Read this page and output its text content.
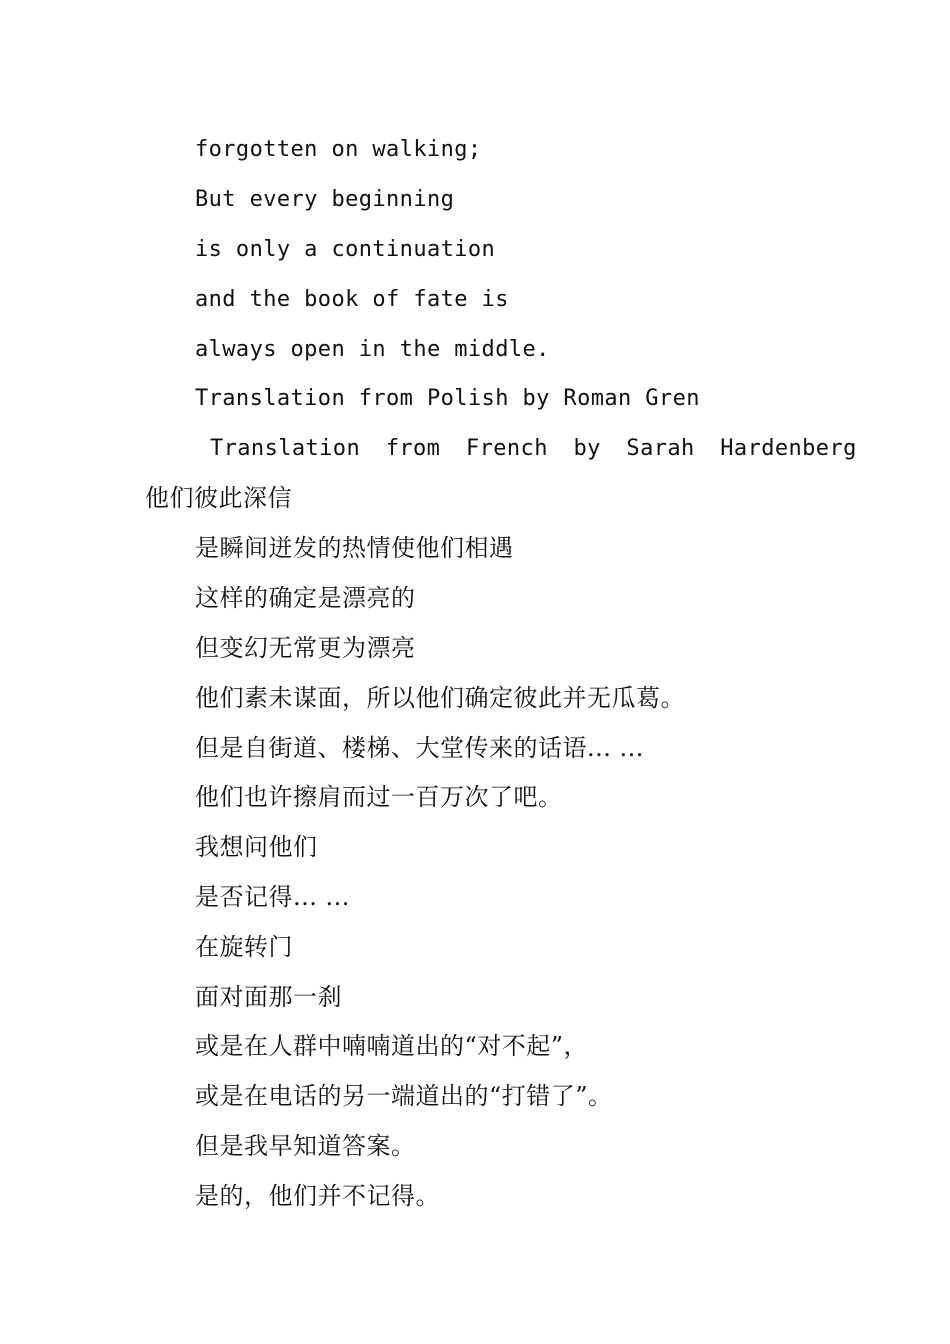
forgotten on walking;
But every beginning
is only a continuation
and the book of fate is
always open in the middle.
Translation from Polish by Roman Gren
Translation from French by Sarah Hardenberg
他们彼此深信
是瞬间迸发的热情使他们相遇
这样的确定是漂亮的
但变幻无常更为漂亮
他们素未谋面，所以他们确定彼此并无瓜葛。
但是自街道、楼梯、大堂传来的话语... ...
他们也许擦肩而过一百万次了吧。
我想问他们
是否记得... ...
在旋转门
面对面那一刹
或是在人群中喃喃道出的“对不起”，
或是在电话的另一端道出的“打错了”。
但是我早知道答案。
是的，他们并不记得。
